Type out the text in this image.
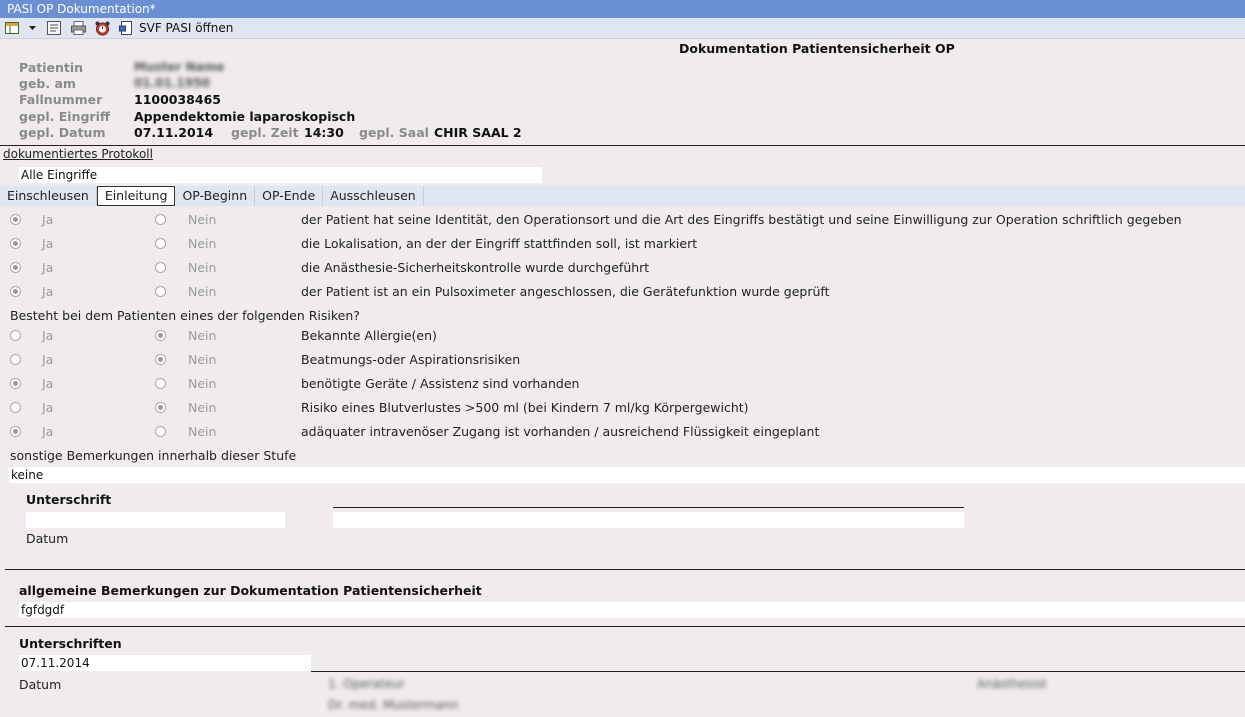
PASI OP Dokumentation*
SVF PASI öffnen
Dokumentation Patientensicherheit OP
Patientin	Muster Name
geb. am	01.01.1950
Fallnummer	1100038465
gepl. Eingriff Appendektomie laparoskopisch
gepl. Datum 07.11.2014 gepl. Zeit 14:30 gepl. Saal CHIR SAAL 2
dokumentiertes Protokoll
Alle Eingriffe
Einschleusen	Einleitung	OP-Beginn	OP-Ende	Ausschleusen
Ja	Nein	der Patient hat seine Identität, den Operationsort und die Art des Eingriffs bestätigt und seine Einwilligung zur Operation schriftlich gegeben
Ja	Nein	die Lokalisation, an der der Eingriff stattfinden soll, ist markiert
Ja	Nein	die Anästhesie-Sicherheitskontrolle wurde durchgeführt
Ja	Nein	der Patient ist an ein Pulsoximeter angeschlossen, die Gerätefunktion wurde geprüft
Besteht bei dem Patienten eines der folgenden Risiken?
Ja	Nein	Bekannte Allergie(en)
Ja	Nein	Beatmungs-oder Aspirationsrisiken
Ja	Nein	benötigte Geräte / Assistenz sind vorhanden
Ja	Nein	Risiko eines Blutverlustes >500 ml (bei Kindern 7 ml/kg Körpergewicht)
Ja	Nein	adäquater intravenöser Zugang ist vorhanden / ausreichend Flüssigkeit eingeplant
sonstige Bemerkungen innerhalb dieser Stufe
keine
Unterschrift
Datum
allgemeine Bemerkungen zur Dokumentation Patientensicherheit
fgfdgdf
Unterschriften
07.11.2014
Datum	1. Operateur
Dr. med. Mustermann
Anästhesist
